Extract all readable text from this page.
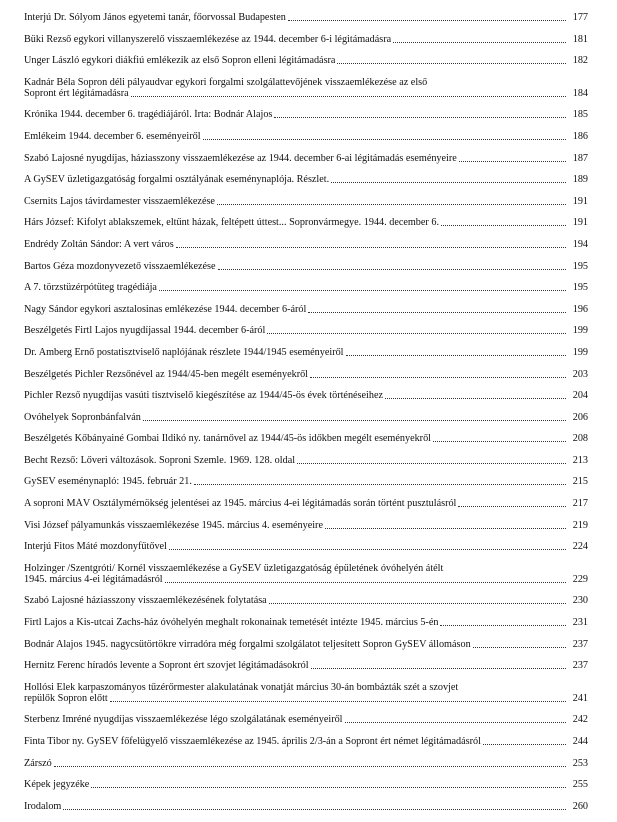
Interjú Dr. Sólyom János egyetemi tanár, főorvossal Budapesten	177
Büki Rezső egykori villanyszerelő visszaemlékezése az 1944. december 6-i légitámadásra	181
Unger László egykori diákfiú emlékezik az első Sopron elleni légitámadásra	182
Kadnár Béla Sopron déli pályaudvar egykori forgalmi szolgálattevőjének visszaemlékezése az első
Sopront ért légitámadásra	184
Krónika 1944. december 6. tragédiájáról. Írta: Bodnár Alajos	185
Emlékeim 1944. december 6. eseményeiről	186
Szabó Lajosné nyugdíjas, háziasszony visszaemlékezése az 1944. december 6-ai légitámadás eseményeire	187
A GySEV üzletigazgatóság forgalmi osztályának eseménynaplója. Részlet.	189
Csernits Lajos távirdamester visszaemlékezése	191
Hárs József: Kifolyt ablakszemek, eltűnt házak, feltépett úttest... Sopronvármegye. 1944. december 6.	191
Endrédy Zoltán Sándor: A vert város	194
Bartos Géza mozdonyvezető visszaemlékezése	195
A 7. törzstüzérpótüteg tragédiája	195
Nagy Sándor egykori asztalosinas emlékezése 1944. december 6-áról	196
Beszélgetés Firtl Lajos nyugdíjassal 1944. december 6-áról	199
Dr. Amberg Ernő postatisztviselő naplójának részlete 1944/1945 eseményeiről	199
Beszélgetés Pichler Rezsőnével az 1944/45-ben megélt eseményekről	203
Pichler Rezső nyugdíjas vasúti tisztviselő kiegészítése az 1944/45-ös évek történéseihez	204
Óvóhelyek Sopronbánfalván	206
Beszélgetés Kőbányainé Gombai Ildikó ny. tanárnővel az 1944/45-ös időkben megélt eseményekről	208
Becht Rezső: Lőveri változások. Soproni Szemle. 1969. 128. oldal	213
GySEV eseménynapló: 1945. február 21.	215
A soproni MÁV Osztálymérnökség jelentései az 1945. március 4-ei légitámadás során történt pusztulásról	217
Visi József pályamunkás visszaemlékezése 1945. március 4. eseményeire	219
Interjú Fitos Máté mozdonyfűtővel	224
Holzinger /Szentgróti/ Kornél visszaemlékezése a GySEV üzletigazgatóság épületének óvóhelyén átélt
1945. március 4-ei légitámadásról	229
Szabó Lajosné háziasszony visszaemlékezésének folytatása	230
Firtl Lajos a Kis-utcai Zachs-ház óvóhelyén meghalt rokonainak temetését intézte 1945. március 5-én	231
Bodnár Alajos 1945. nagycsütörtökre virradóra még forgalmi szolgálatot teljesített Sopron GySEV állomáson	237
Hernitz Ferenc híradós levente a Sopront ért szovjet légitámadásokról	237
Hollósi Elek karpaszományos tűzérőrmester alakulatának vonatját március 30-án bombázták szét a szovjet
repülők Sopron előtt	241
Sterbenz Imréné nyugdíjas visszaemlékezése légo szolgálatának eseményeiről	242
Finta Tibor ny. GySEV főfelügyelő visszaemlékezése az 1945. április 2/3-án a Sopront ért német légitámadásról	244
Zárszó	253
Képek jegyzéke	255
Irodalom	260
